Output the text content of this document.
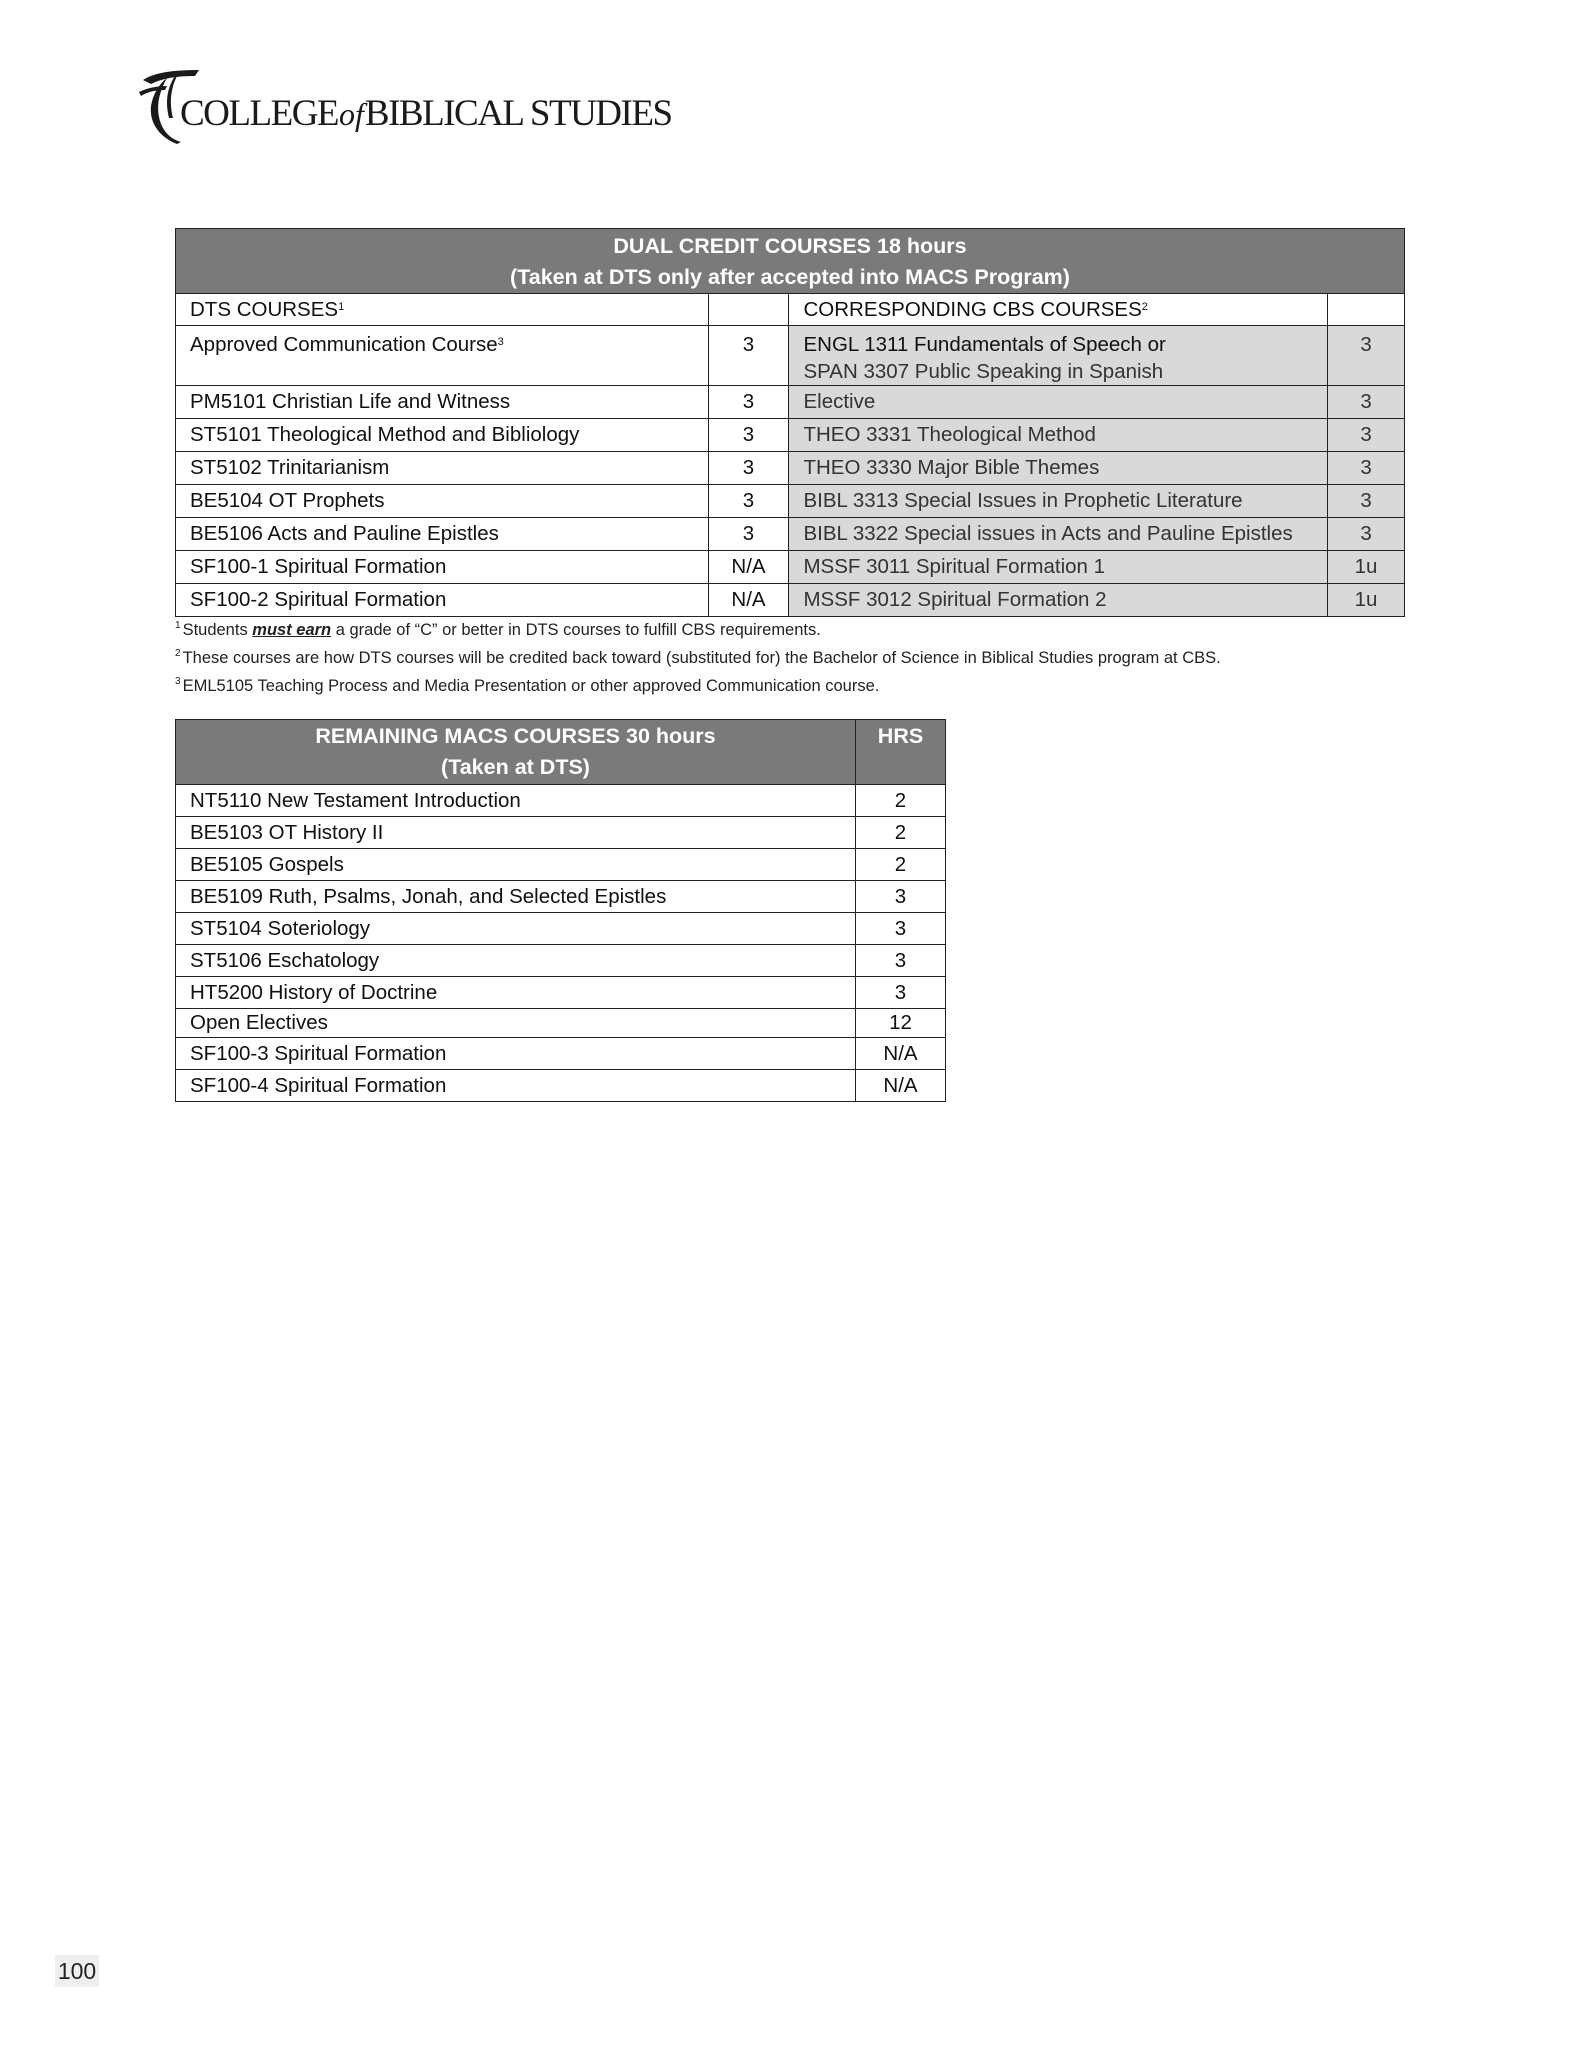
COLLEGEofBIBLICAL STUDIES
DUAL CREDIT COURSES 18 hours
(Taken at DTS only after accepted into MACS Program)			

DTS COURSES$^1$		CORRESPONDING CBS COURSES$^2$	
Approved Communication Course$^3$	3	ENGL 1311 Fundamentals of Speech or
SPAN 3307 Public Speaking in Spanish	3
PM5101 Christian Life and Witness	3	Elective	3
ST5101 Theological Method and Bibliology	3	THEO 3331 Theological Method	3
ST5102 Trinitarianism	3	THEO 3330 Major Bible Themes	3
BE5104 OT Prophets	3	BIBL 3313 Special Issues in Prophetic Literature	3
BE5106 Acts and Pauline Epistles	3	BIBL 3322 Special issues in Acts and Pauline Epistles	3
SF100-1 Spiritual Formation	N/A	MSSF 3011 Spiritual Formation 1	1u
SF100-2 Spiritual Formation	N/A	MSSF 3012 Spiritual Formation 2	1u
$^1$ Students must earn a grade of “C” or better in DTS courses to fulfill CBS requirements.
$^2$ These courses are how DTS courses will be credited back toward (substituted for) the Bachelor of Science in Biblical Studies program at CBS.
$^3$ EML5105 Teaching Process and Media Presentation or other approved Communication course.
REMAINING MACS COURSES 30 hours
(Taken at DTS)	HRS
NT5110 New Testament Introduction	2
BE5103 OT History II	2
BE5105 Gospels	2
BE5109 Ruth, Psalms, Jonah, and Selected Epistles	3
ST5104 Soteriology	3
ST5106 Eschatology	3
HT5200 History of Doctrine	3
Open Electives	12
SF100-3 Spiritual Formation	N/A
SF100-4 Spiritual Formation	N/A
100
